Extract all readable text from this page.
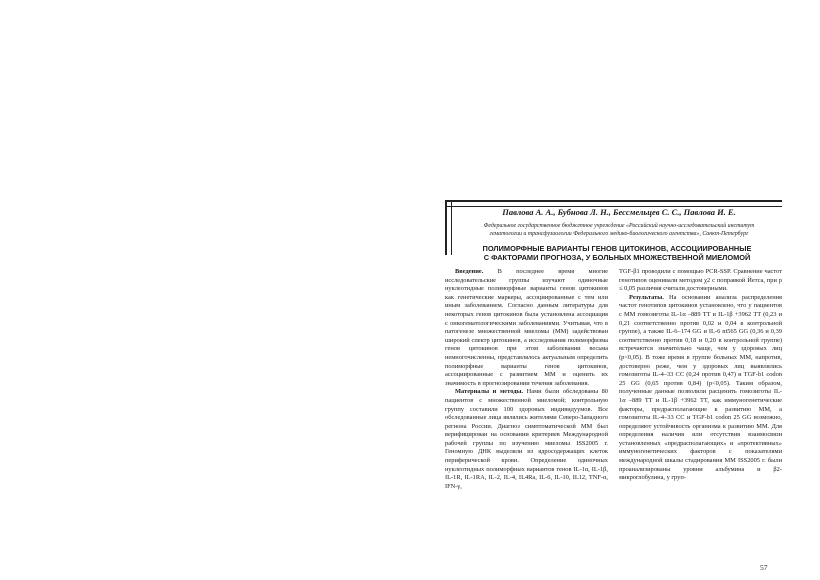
Павлова А. А., Бубнова Л. Н., Бессмельцев С. С., Павлова И. Е.
Федеральное государственное бюджетное учреждение «Российский научно-исследовательский институт
гематологии и трансфузиологии Федерального медико-биологического агентства», Санкт-Петербург
ПОЛИМОРФНЫЕ ВАРИАНТЫ ГЕНОВ ЦИТОКИНОВ, АССОЦИИРОВАННЫЕ
С ФАКТОРАМИ ПРОГНОЗА, У БОЛЬНЫХ МНОЖЕСТВЕННОЙ МИЕЛОМОЙ

Введение. В последнее время многие исследовательские группы изучают одиночные нуклеотидные полиморфные варианты генов цитокинов как генетические маркеры, ассоциированные с тем или иным заболеванием. Согласно данным литературы для некоторых генов цитокинов была установлена ассоциация с онкогематологическими заболеваниями. Учитывая, что в патогенезе множественной миеломы (ММ) задействован широкий спектр цитокинов, а исследования полиморфизма генов цитокинов при этом заболевании весьма немногочисленны, представлялось актуальным определить полиморфные варианты генов цитокинов, ассоциированные с развитием ММ и оценить их значимость в прогнозировании течения заболевания.

Материалы и методы. Нами были обследованы 80 пациентов с множественной миеломой; контрольную группу составили 100 здоровых индивидуумов. Все обследованные лица являлись жителями Северо-Западного региона России. Диагноз симптоматической ММ был верифицирован на основании критериев Международной рабочей группы по изучению миеломы ISS2005 г. Геномную ДНК выделяли из ядросодержащих клеток периферической крови. Определение одиночных нуклеотидных полиморфных вариантов генов IL-1α, IL-1β, IL-1R, IL-1RA, IL-2, IL-4, IL4Ra, IL-6, IL-10, IL12, TNF-α, IFN-γ,

TGF-β1 проводили с помощью PCR-SSP. Сравнение частот генотипов оценивали методом χ2 с поправкой Йетса, при p ≤ 0,05 различия считали достоверными.

Результаты. На основании анализа распределения частот генотипов цитокинов установлено, что у пациентов с ММ гомозиготы IL-1α –889 TT и IL-1β +3962 TT (0,23 и 0,21 соответственно против 0,02 и 0,04 в контрольной группе), а также IL-6–174 GG и IL-6 nt565 GG (0,36 и 0,39 соответственно против 0,18 и 0,20 в контрольной группе) встречаются значительно чаще, чем у здоровых лиц (p<0,05). В тоже время в группе больных ММ, напротив, достоверно реже, чем у здоровых лиц выявлялись гомозиготы IL-4–33 CC (0,24 против 0,47) и TGF-b1 codon 25 GG (0,65 против 0,84) (p<0,05). Таким образом, полученные данные позволили расценить гомозиготы IL-1α –889 TT и IL-1β +3962 TT, как иммуногенетические факторы, предрасполагающие к развитию ММ, а гомозиготы IL-4–33 CC и TGF-b1 codon 25 GG возможно, определяют устойчивость организма к развитию ММ. Для определения наличия или отсутствия взаимосвязи установленных «предрасполагающих» и «протективных» иммуногенетических факторов с показателями международной шкалы стадирования ММ ISS2005 г. были проанализированы уровни альбумина и β2-микроглобулина, у груп-

57
